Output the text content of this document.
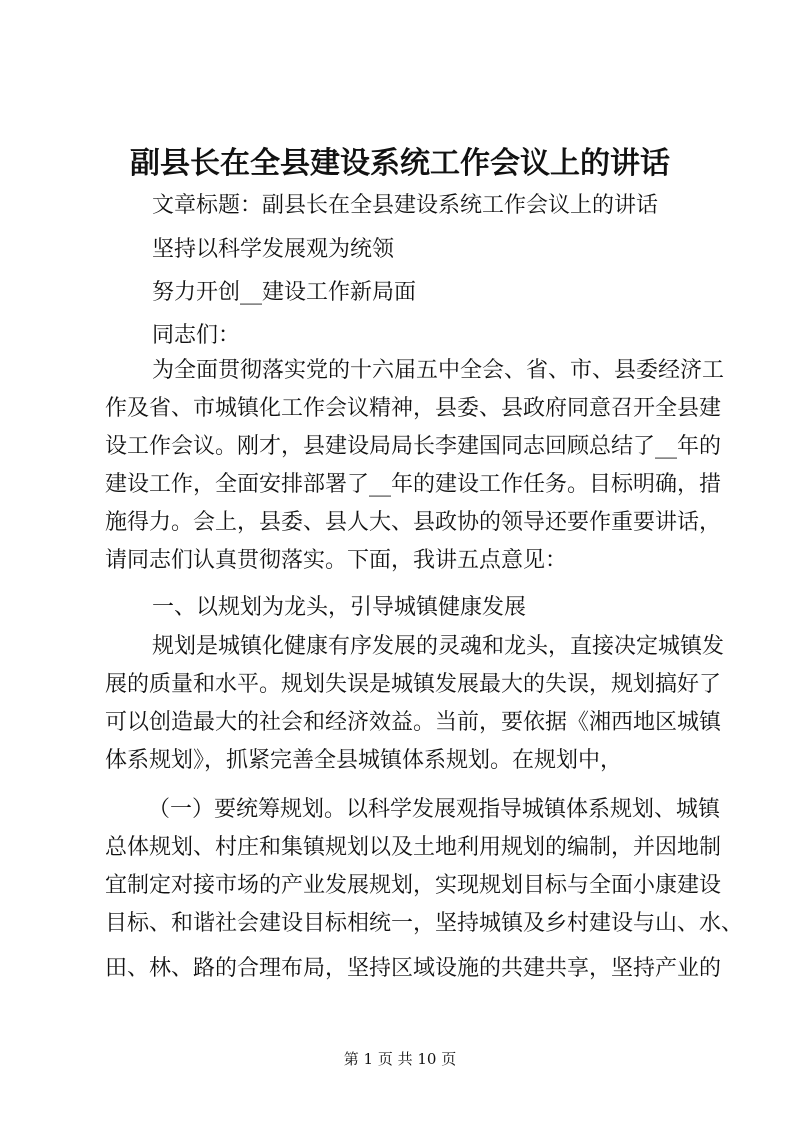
副县长在全县建设系统工作会议上的讲话
文章标题：副县长在全县建设系统工作会议上的讲话
坚持以科学发展观为统领
努力开创__建设工作新局面
同志们：
为全面贯彻落实党的十六届五中全会、省、市、县委经济工
作及省、市城镇化工作会议精神，县委、县政府同意召开全县建
设工作会议。刚才，县建设局局长李建国同志回顾总结了__年的
建设工作，全面安排部署了__年的建设工作任务。目标明确，措
施得力。会上，县委、县人大、县政协的领导还要作重要讲话，
请同志们认真贯彻落实。下面，我讲五点意见：
一、以规划为龙头，引导城镇健康发展
规划是城镇化健康有序发展的灵魂和龙头，直接决定城镇发
展的质量和水平。规划失误是城镇发展最大的失误，规划搞好了
可以创造最大的社会和经济效益。当前，要依据《湘西地区城镇
体系规划》，抓紧完善全县城镇体系规划。在规划中，
（一）要统筹规划。以科学发展观指导城镇体系规划、城镇
总体规划、村庄和集镇规划以及土地利用规划的编制，并因地制
宜制定对接市场的产业发展规划，实现规划目标与全面小康建设
目标、和谐社会建设目标相统一，坚持城镇及乡村建设与山、水、
田、林、路的合理布局，坚持区域设施的共建共享，坚持产业的
第 1 页 共 10 页
